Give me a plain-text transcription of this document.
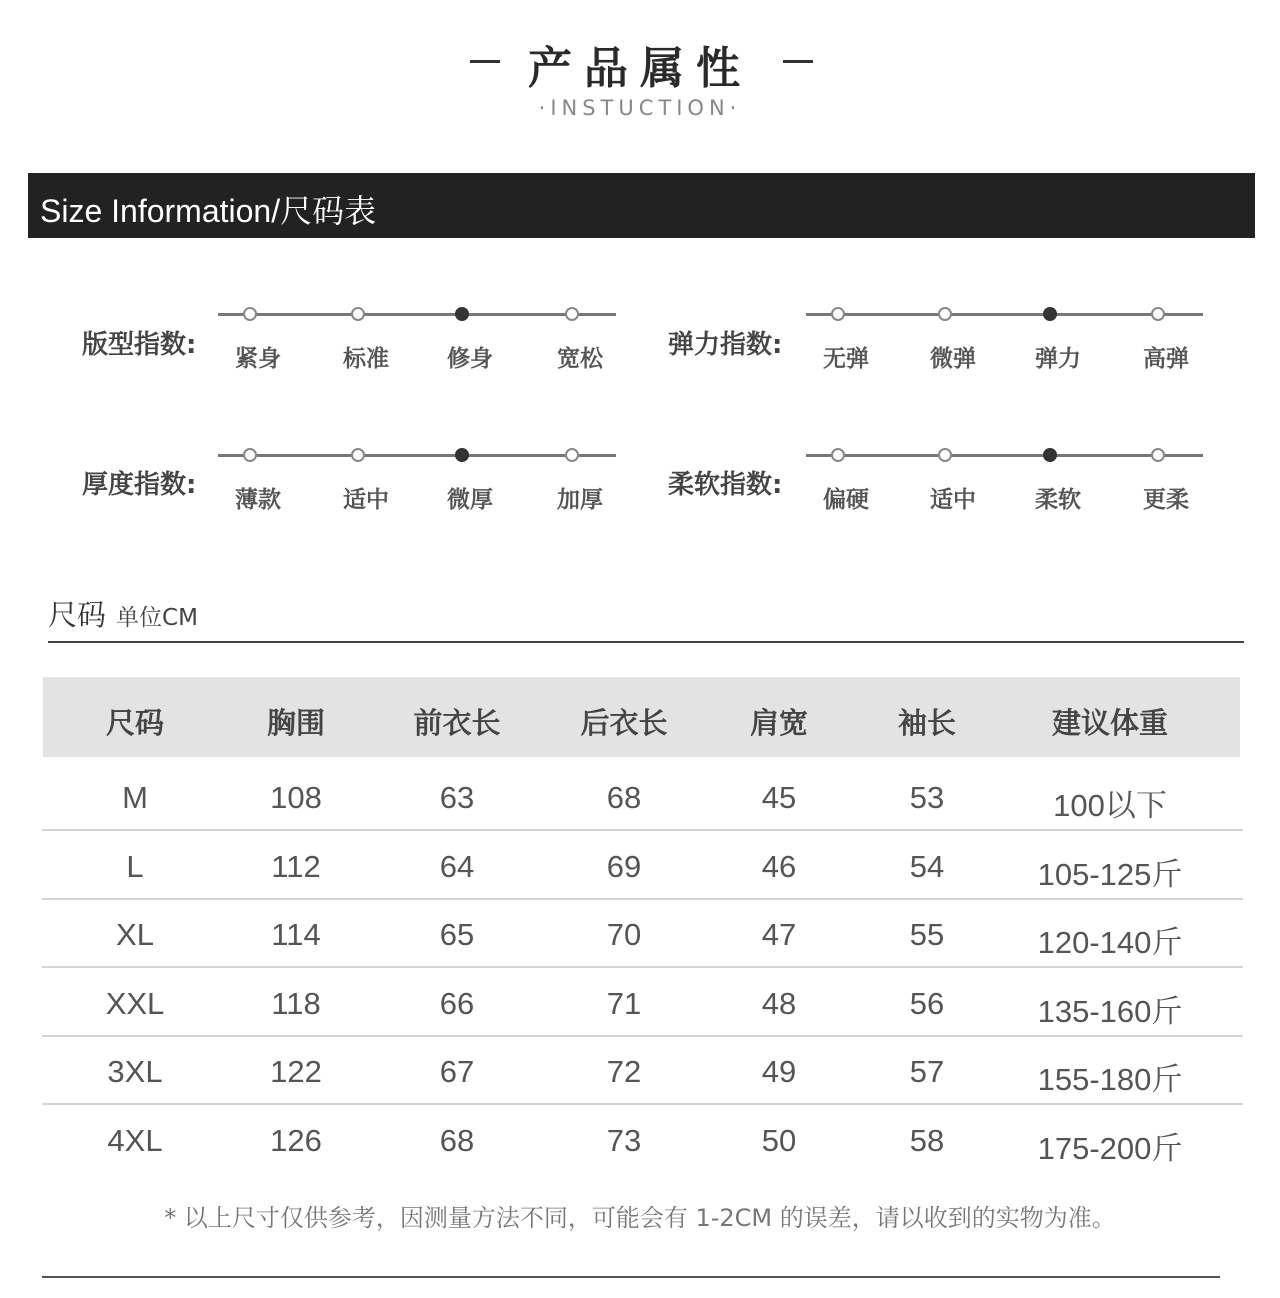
产品属性
·INSTUCTION·
Size Information/尺码表
版型指数:	紧身	标准	修身	宽松	弹力指数:	无弹	微弹	弹力	高弹
厚度指数:	薄款	适中	微厚	加厚	柔软指数:	偏硬	适中	柔软	更柔
尺码 单位CM
尺码	胸围	前衣长	后衣长	肩宽	袖长	建议体重
M	108	63	68	45	53	100以下
L	112	64	69	46	54	105-125斤
XL	114	65	70	47	55	120-140斤
XXL	118	66	71	48	56	135-160斤
3XL	122	67	72	49	57	155-180斤
4XL	126	68	73	50	58	175-200斤
* 以上尺寸仅供参考，因测量方法不同，可能会有 1-2CM 的误差，请以收到的实物为准。
